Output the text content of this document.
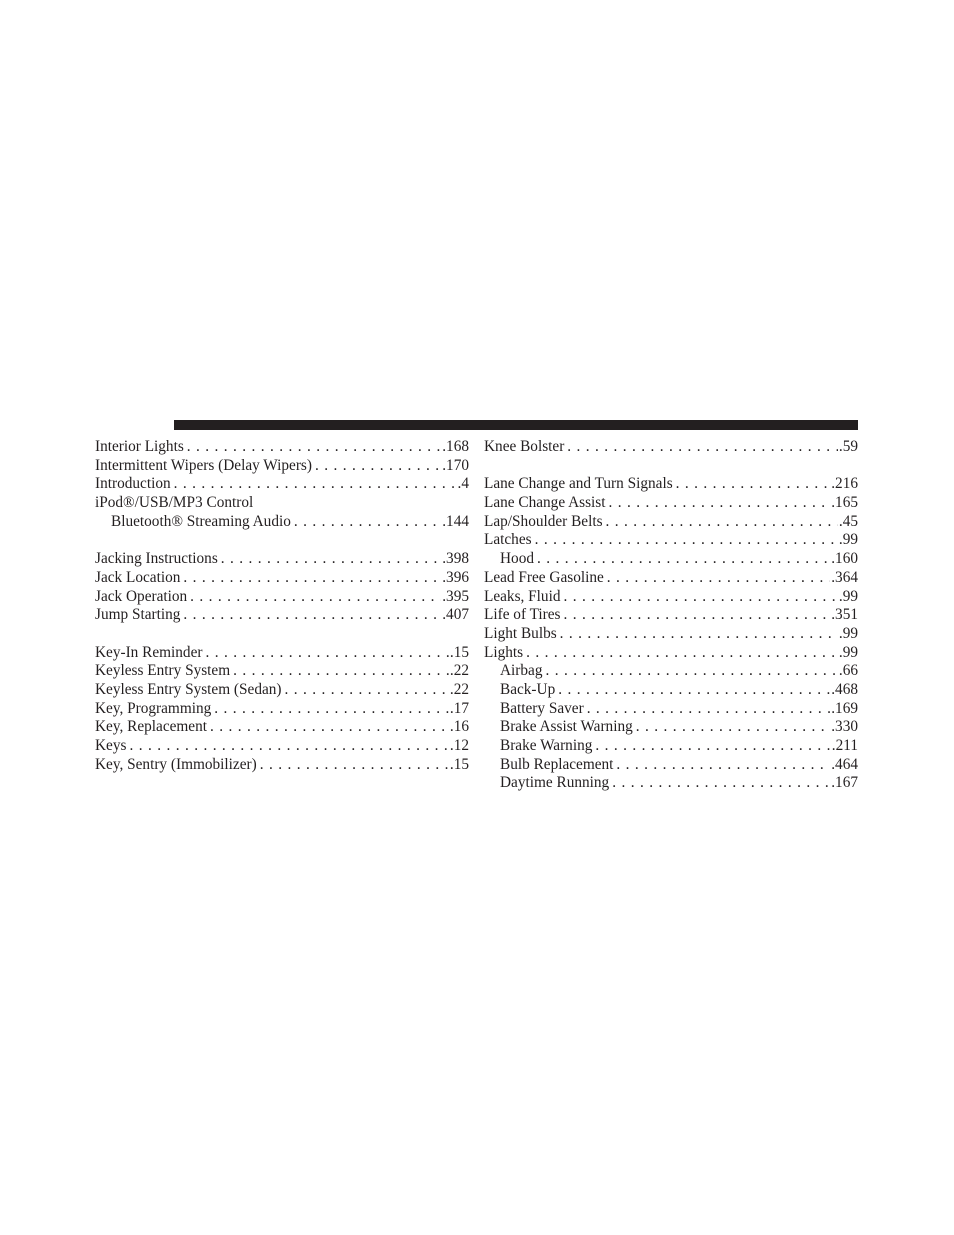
Interior Lights . . .	.168
Intermittent Wipers (Delay Wipers) . . .	.170
Introduction . . .	.4
iPod®/USB/MP3 Control
Bluetooth® Streaming Audio . . .	.144
Jacking Instructions . . .	.398
Jack Location . . .	.396
Jack Operation . . .	.395
Jump Starting . . .	.407
Key-In Reminder . . .	.15
Keyless Entry System . . .	.22
Keyless Entry System (Sedan) . . .	.22
Key, Programming . . .	.17
Key, Replacement . . .	.16
Keys . . .	.12
Key, Sentry (Immobilizer) . . .	.15
Knee Bolster . . .	.59
Lane Change and Turn Signals . . .	.216
Lane Change Assist . . .	.165
Lap/Shoulder Belts . . .	.45
Latches . . .	.99
Hood . . .	.160
Lead Free Gasoline . . .	.364
Leaks, Fluid . . .	.99
Life of Tires . . .	.351
Light Bulbs . . .	.99
Lights . . .	.99
Airbag . . .	.66
Back-Up . . .	.468
Battery Saver . . .	.169
Brake Assist Warning . . .	.330
Brake Warning . . .	.211
Bulb Replacement . . .	.464
Daytime Running . . .	.167
